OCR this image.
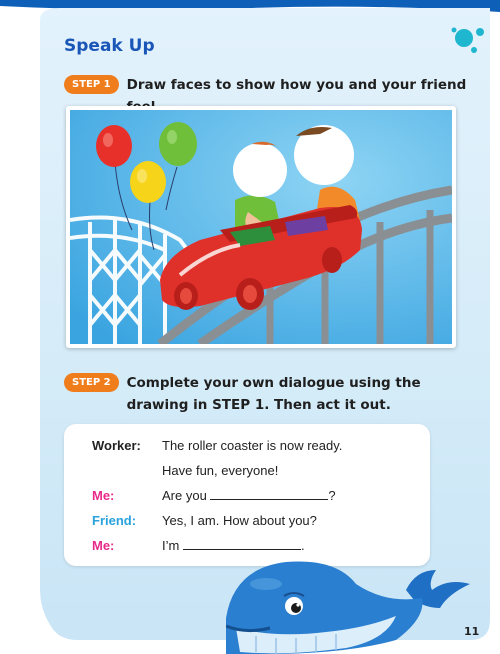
Speak Up
STEP 1	Draw faces to show how you and your friend
STEP 2	Complete your own dialogue using the drawing in STEP 1. Then act it out.
Worker:	The roller coaster is now ready.
Have fun, everyone!
Me:	Are you	?
Friend:	Yes, I am. How about you?
Me:	I’m	.
11
